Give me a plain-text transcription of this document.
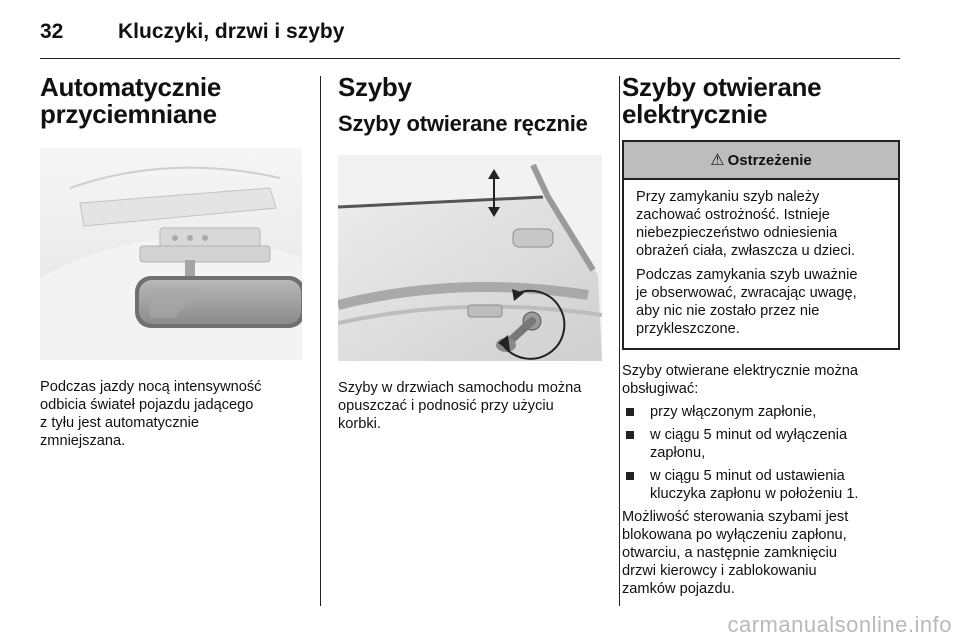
32	Kluczyki, drzwi i szyby
Automatycznie
przyciemniane
Podczas jazdy nocą intensywność
odbicia świateł pojazdu jadącego
z tyłu jest automatycznie
zmniejszana.
Szyby
Szyby otwierane ręcznie
Szyby w drzwiach samochodu można
opuszczać i podnosić przy użyciu
korbki.
Szyby otwierane
elektrycznie
⚠ Ostrzeżenie

Przy zamykaniu szyb należy
zachować ostrożność. Istnieje
niebezpieczeństwo odniesienia
obrażeń ciała, zwłaszcza u dzieci.

Podczas zamykania szyb uważnie
je obserwować, zwracając uwagę,
aby nic nie zostało przez nie
przykleszczone.

Szyby otwierane elektrycznie można
obsługiwać:
przy włączonym zapłonie,
w ciągu 5 minut od wyłączenia
zapłonu,
w ciągu 5 minut od ustawienia
kluczyka zapłonu w położeniu 1.
Możliwość sterowania szybami jest
blokowana po wyłączeniu zapłonu,
otwarciu, a następnie zamknięciu
drzwi kierowcy i zablokowaniu
zamków pojazdu.
carmanualsonline.info
